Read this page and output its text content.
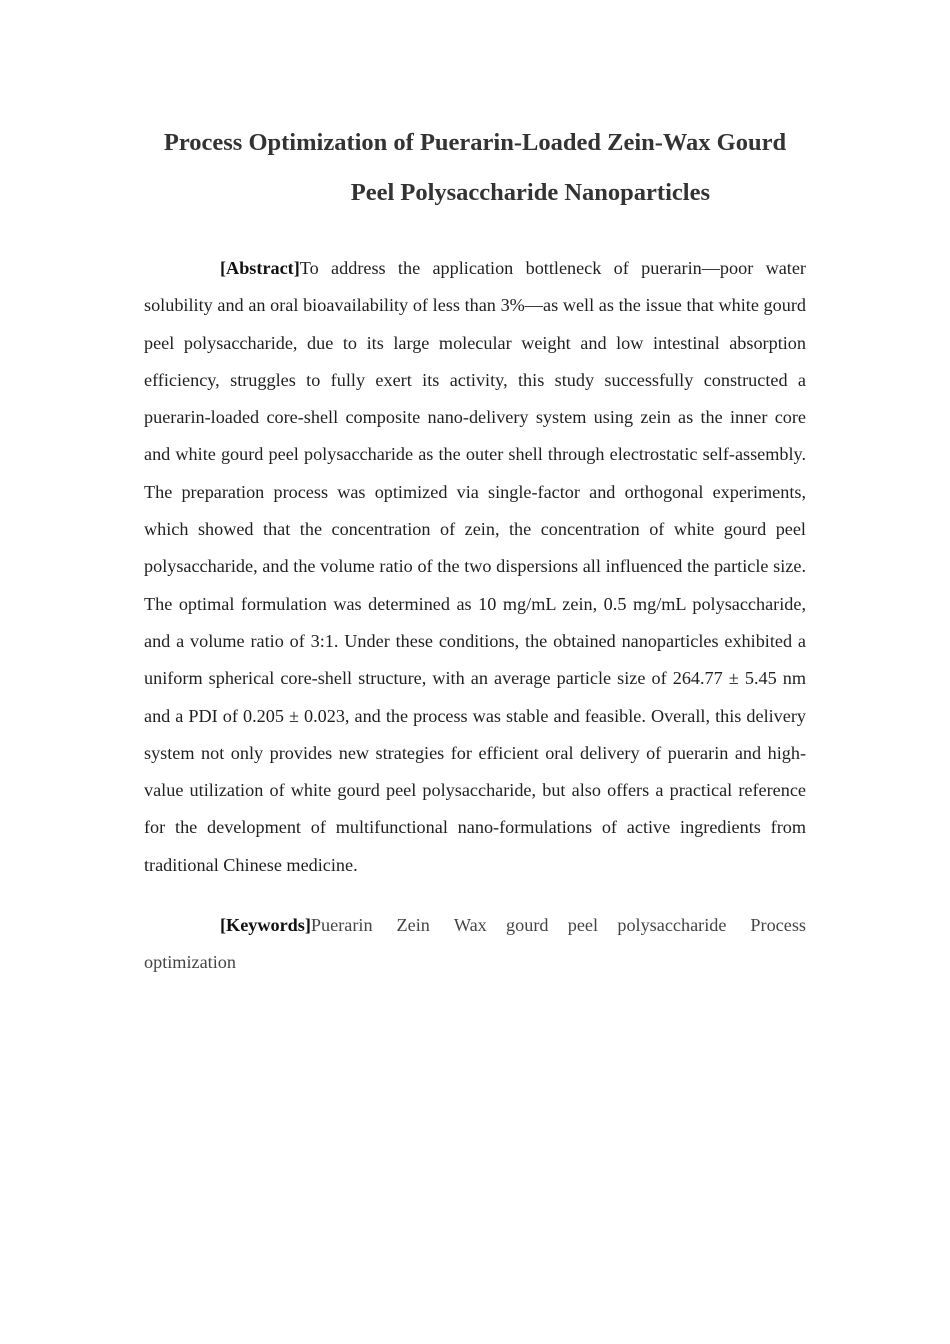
Process Optimization of Puerarin-Loaded Zein-Wax Gourd
Peel Polysaccharide Nanoparticles

[Abstract]To address the application bottleneck of puerarin—poor water solubility and an oral bioavailability of less than 3%—as well as the issue that white gourd peel polysaccharide, due to its large molecular weight and low intestinal absorption efficiency, struggles to fully exert its activity, this study successfully constructed a puerarin-loaded core-shell composite nano-delivery system using zein as the inner core and white gourd peel polysaccharide as the outer shell through electrostatic self-assembly. The preparation process was optimized via single-factor and orthogonal experiments, which showed that the concentration of zein, the concentration of white gourd peel polysaccharide, and the volume ratio of the two dispersions all influenced the particle size. The optimal formulation was determined as 10 mg/mL zein, 0.5 mg/mL polysaccharide, and a volume ratio of 3:1. Under these conditions, the obtained nanoparticles exhibited a uniform spherical core-shell structure, with an average particle size of 264.77 ± 5.45 nm and a PDI of 0.205 ± 0.023, and the process was stable and feasible. Overall, this delivery system not only provides new strategies for efficient oral delivery of puerarin and high-value utilization of white gourd peel polysaccharide, but also offers a practical reference for the development of multifunctional nano-formulations of active ingredients from traditional Chinese medicine.

[Keywords]Puerarin Zein Wax gourd peel polysaccharide Process optimization
